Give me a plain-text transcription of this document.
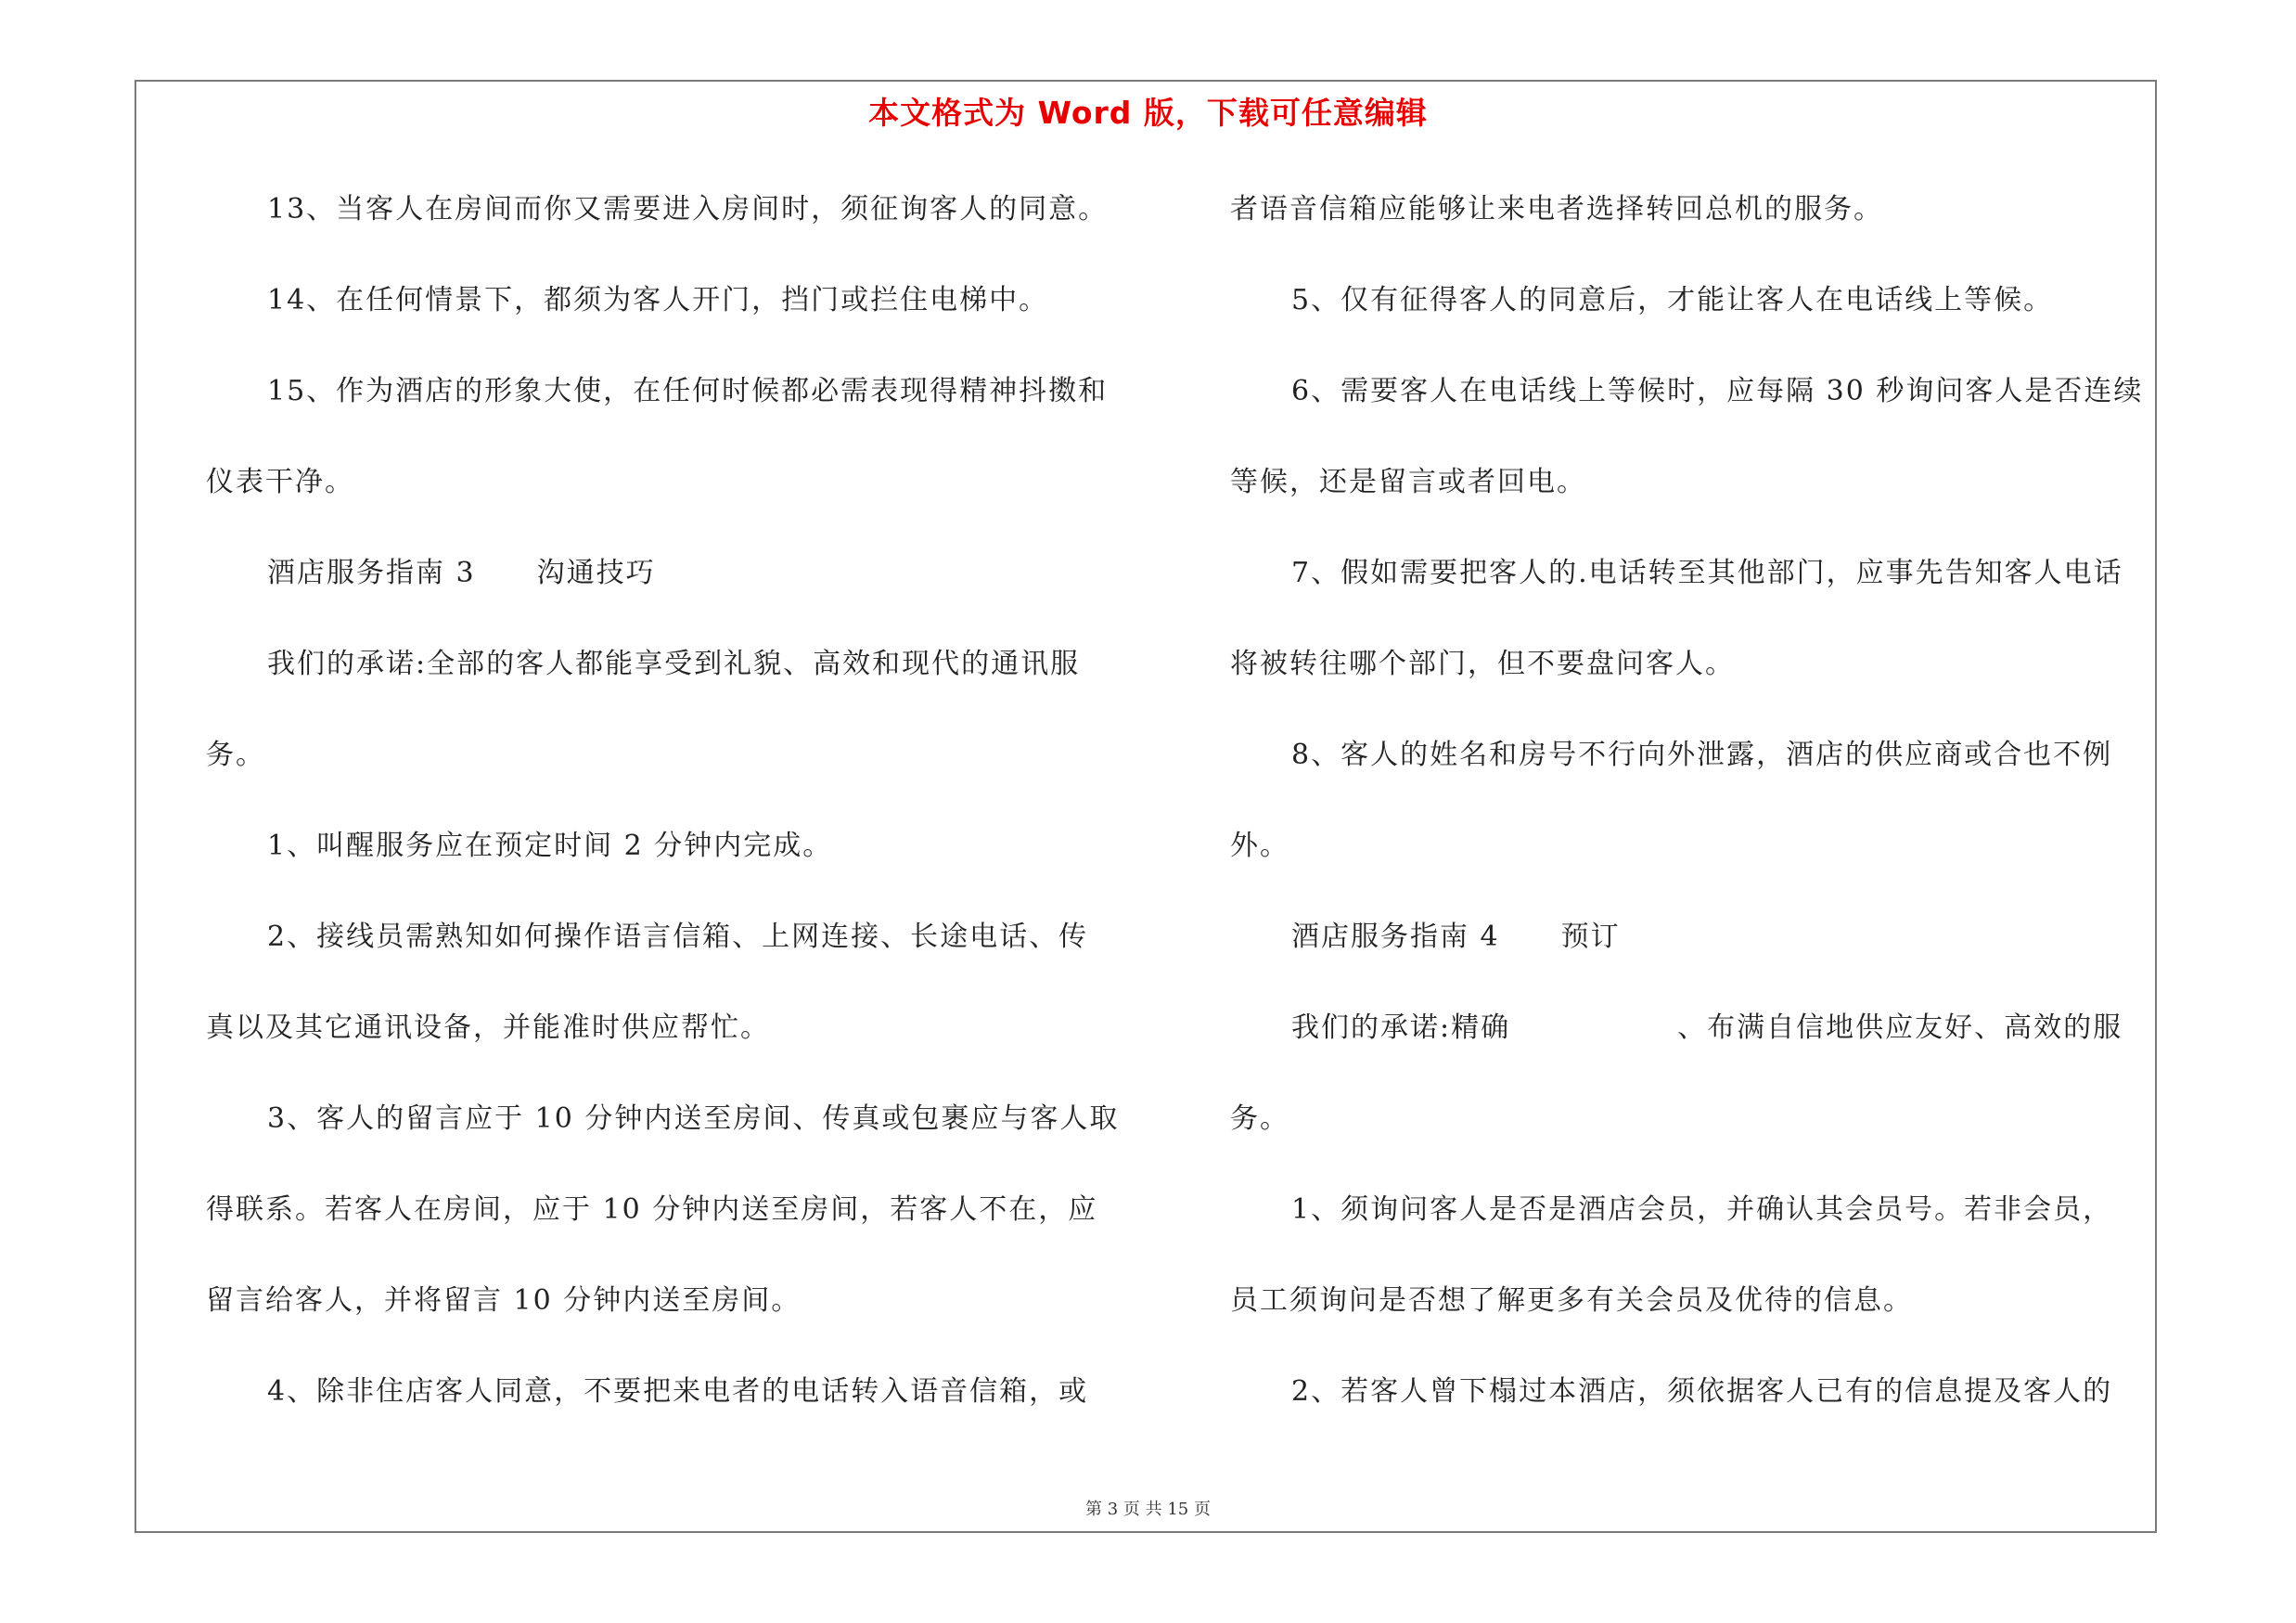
本文格式为 Word 版，下载可任意编辑
13、当客人在房间而你又需要进入房间时，须征询客人的同意。
14、在任何情景下，都须为客人开门，挡门或拦住电梯中。
15、作为酒店的形象大使，在任何时候都必需表现得精神抖擞和
仪表干净。
酒店服务指南 3 沟通技巧
我们的承诺:全部的客人都能享受到礼貌、高效和现代的通讯服
务。
1、叫醒服务应在预定时间 2 分钟内完成。
2、接线员需熟知如何操作语言信箱、上网连接、长途电话、传
真以及其它通讯设备，并能准时供应帮忙。
3、客人的留言应于 10 分钟内送至房间、传真或包裹应与客人取
得联系。若客人在房间，应于 10 分钟内送至房间，若客人不在，应
留言给客人，并将留言 10 分钟内送至房间。
4、除非住店客人同意，不要把来电者的电话转入语音信箱，或
者语音信箱应能够让来电者选择转回总机的服务。
5、仅有征得客人的同意后，才能让客人在电话线上等候。
6、需要客人在电话线上等候时，应每隔 30 秒询问客人是否连续
等候，还是留言或者回电。
7、假如需要把客人的.电话转至其他部门，应事先告知客人电话
将被转往哪个部门，但不要盘问客人。
8、客人的姓名和房号不行向外泄露，酒店的供应商或合也不例
外。
酒店服务指南 4 预订
我们的承诺:精确	、布满自信地供应友好、高效的服
务。
1、须询问客人是否是酒店会员，并确认其会员号。若非会员，
员工须询问是否想了解更多有关会员及优待的信息。
2、若客人曾下榻过本酒店，须依据客人已有的信息提及客人的
第 3 页 共 15 页
